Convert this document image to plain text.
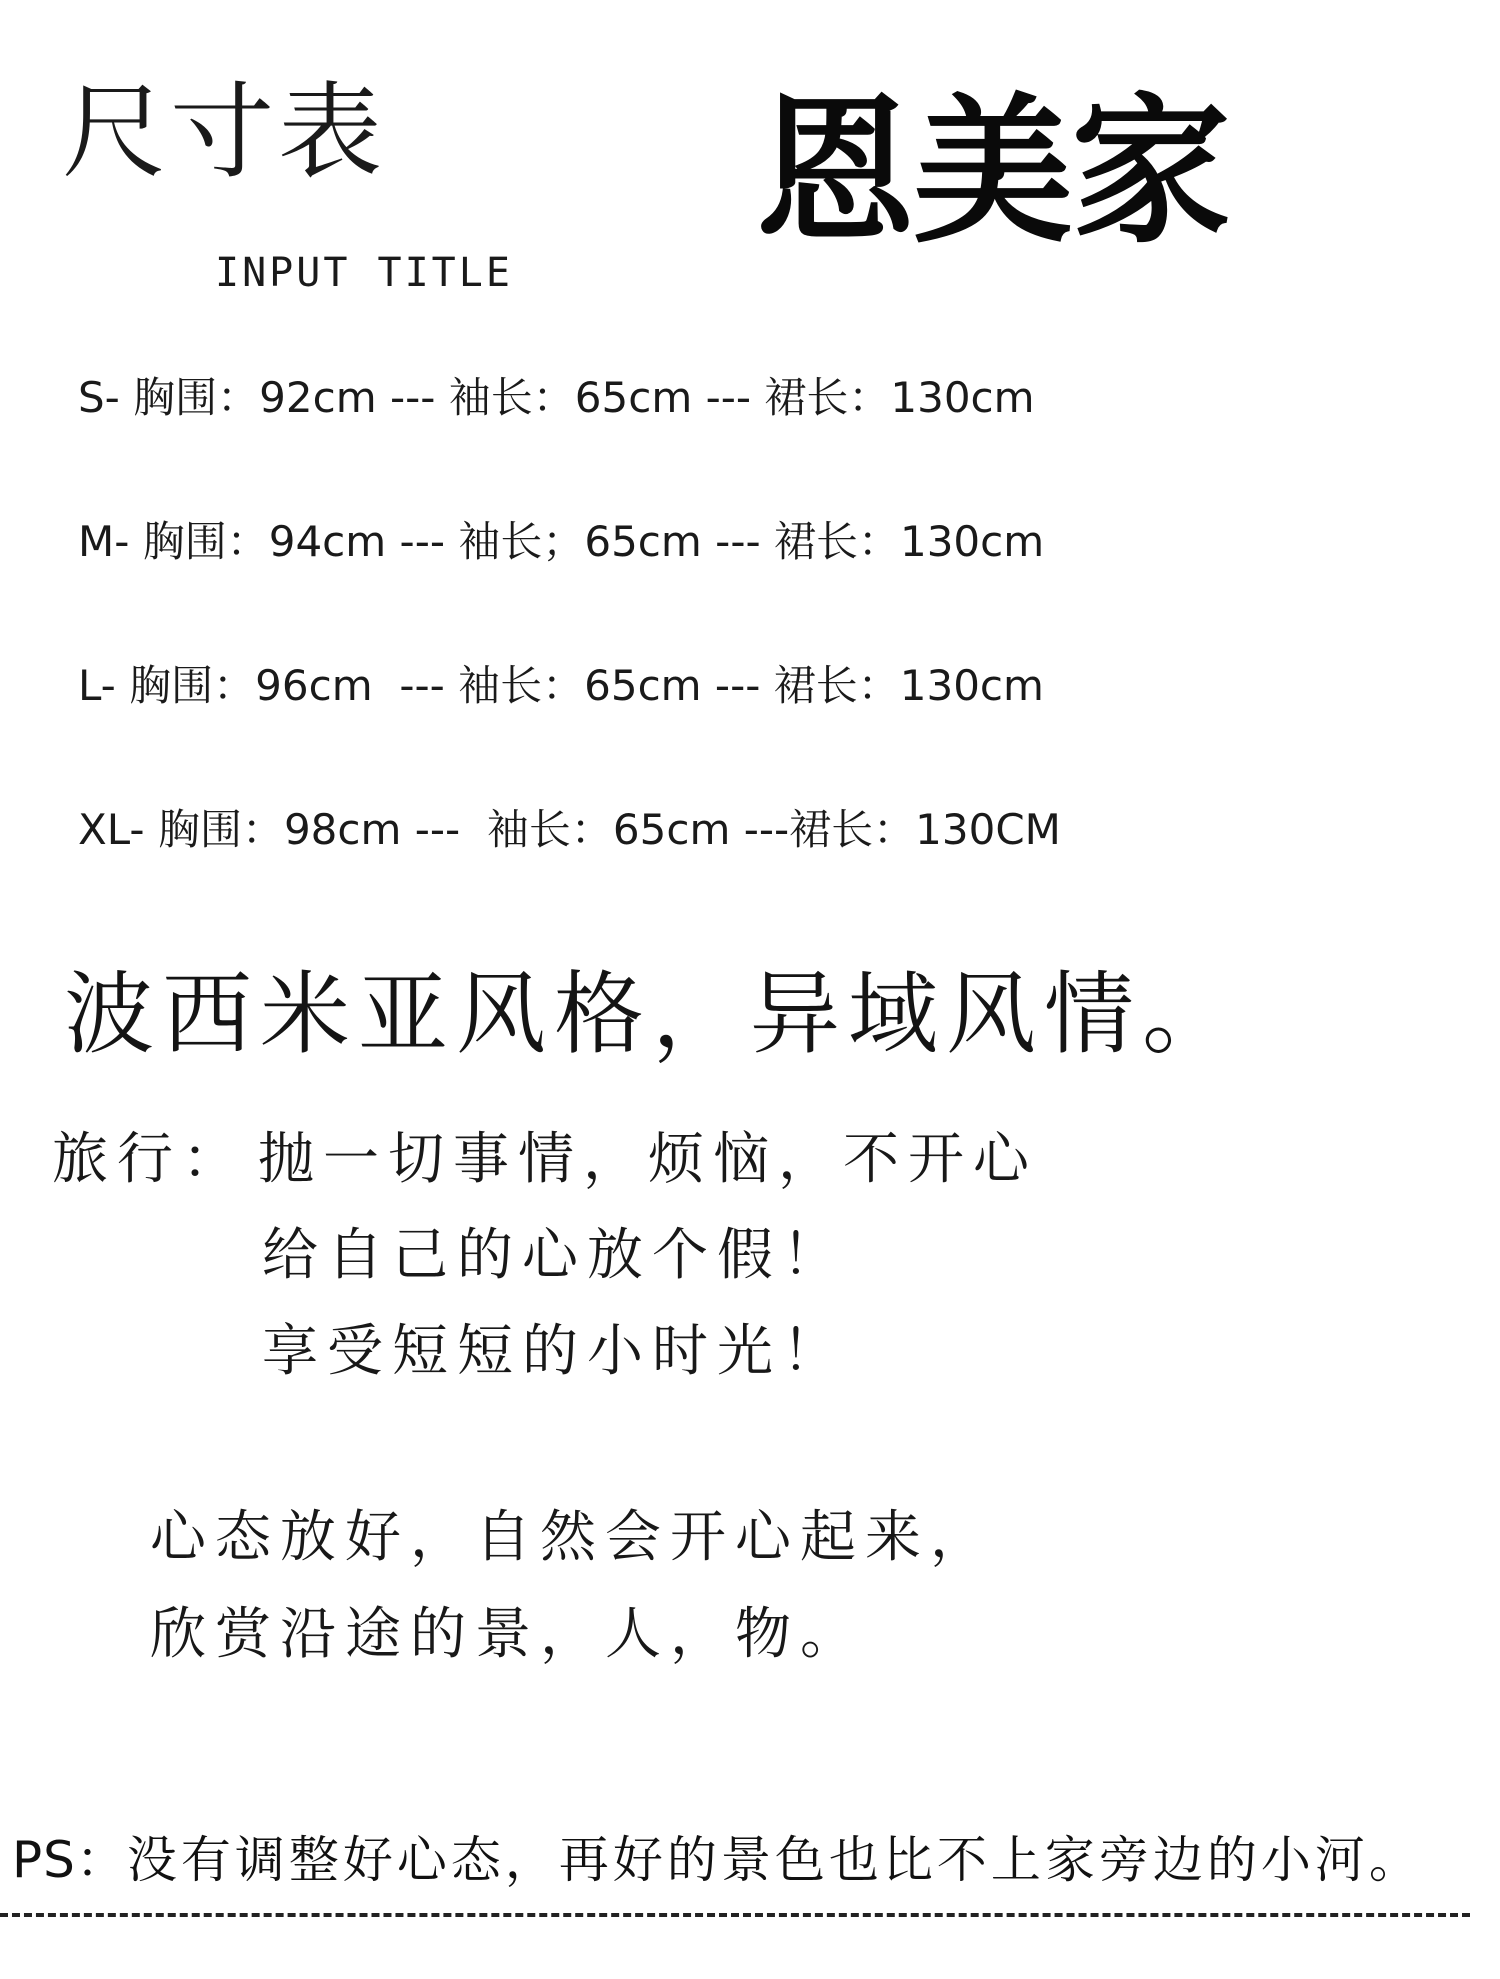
尺寸表 恩美家
INPUT TITLE
S- 胸围：92cm --- 袖长：65cm --- 裙长：130cm
M- 胸围：94cm --- 袖长；65cm --- 裙长：130cm
L- 胸围：96cm  --- 袖长：65cm --- 裙长：130cm
XL- 胸围：98cm ---  袖长：65cm ---裙长：130CM
波西米亚风格，异域风情。
旅行： 抛一切事情，烦恼，不开心
给自己的心放个假！
享受短短的小时光！
心态放好，自然会开心起来，
欣赏沿途的景，人，物。
PS：没有调整好心态，再好的景色也比不上家旁边的小河。
